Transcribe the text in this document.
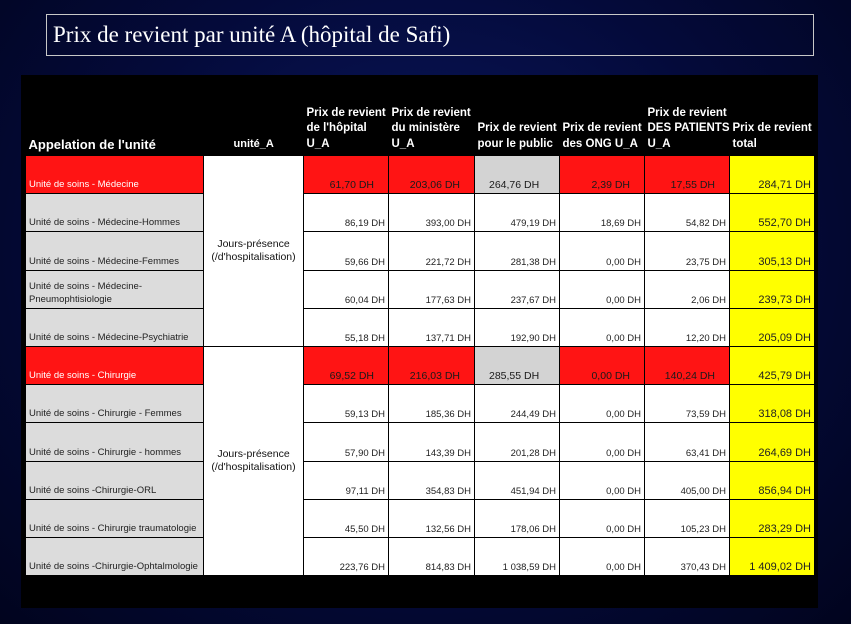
Prix de revient par unité A (hôpital de Safi)
Appelation de l'unité	unité_A	Prix de revient de l'hôpital U_A	Prix de revient du ministère U_A	Prix de revient pour le public	Prix de revient des ONG U_A	Prix de revient DES PATIENTS U_A	Prix de revient total
Unité de soins - Médecine	Jours-présence (/d'hospitalisation)	61,70 DH	203,06 DH	264,76 DH	2,39 DH	17,55 DH	284,71 DH
Unité de soins - Médecine-Hommes		86,19 DH	393,00 DH	479,19 DH	18,69 DH	54,82 DH	552,70 DH
Unité de soins - Médecine-Femmes		59,66 DH	221,72 DH	281,38 DH	0,00 DH	23,75 DH	305,13 DH
Unité de soins - Médecine-Pneumophtisiologie		60,04 DH	177,63 DH	237,67 DH	0,00 DH	2,06 DH	239,73 DH
Unité de soins - Médecine-Psychiatrie		55,18 DH	137,71 DH	192,90 DH	0,00 DH	12,20 DH	205,09 DH
Unité de soins - Chirurgie	Jours-présence (/d'hospitalisation)	69,52 DH	216,03 DH	285,55 DH	0,00 DH	140,24 DH	425,79 DH
Unité de soins - Chirurgie - Femmes		59,13 DH	185,36 DH	244,49 DH	0,00 DH	73,59 DH	318,08 DH
Unité de soins - Chirurgie - hommes		57,90 DH	143,39 DH	201,28 DH	0,00 DH	63,41 DH	264,69 DH
Unité de soins -Chirurgie-ORL		97,11 DH	354,83 DH	451,94 DH	0,00 DH	405,00 DH	856,94 DH
Unité de soins - Chirurgie traumatologie		45,50 DH	132,56 DH	178,06 DH	0,00 DH	105,23 DH	283,29 DH
Unité de soins -Chirurgie-Ophtalmologie		223,76 DH	814,83 DH	1 038,59 DH	0,00 DH	370,43 DH	1 409,02 DH
